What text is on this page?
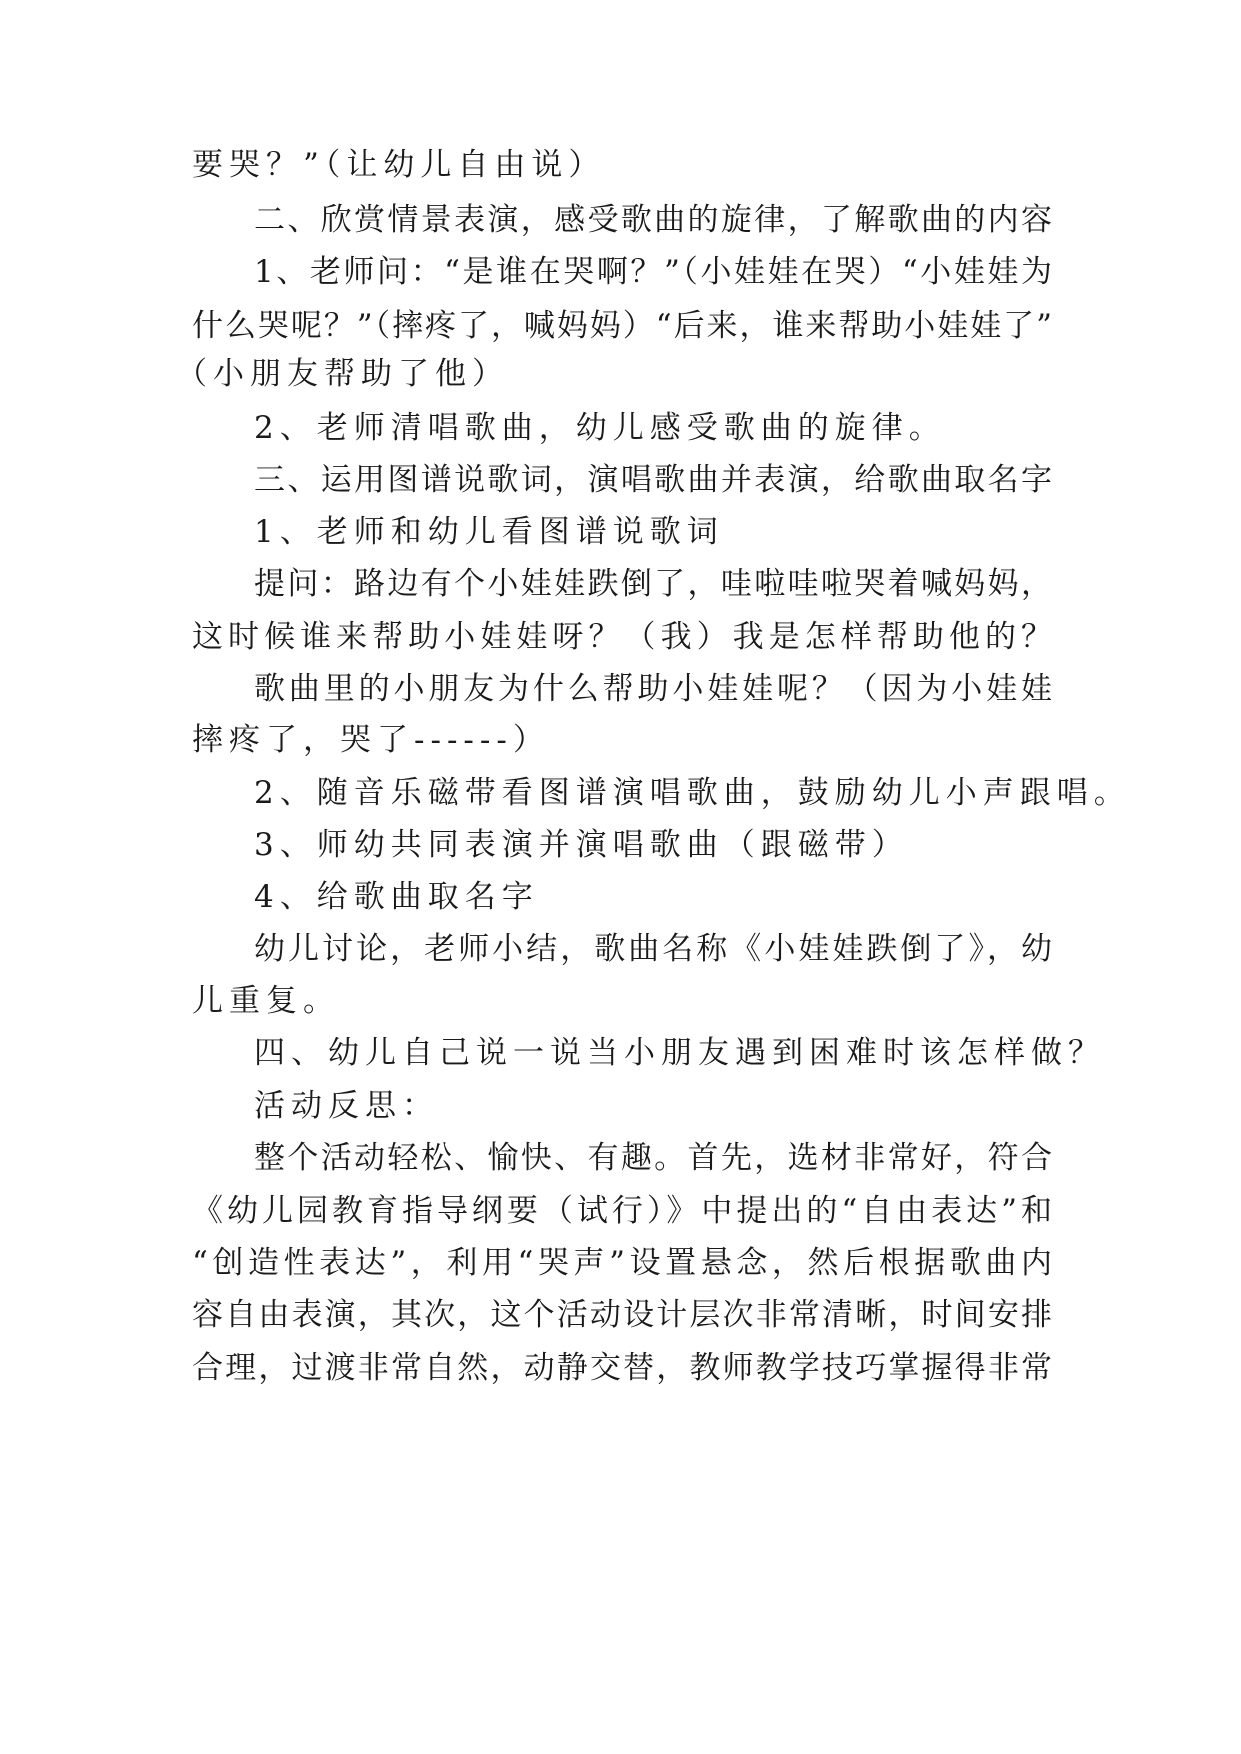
要哭？”（让幼儿自由说）
二、欣赏情景表演，感受歌曲的旋律，了解歌曲的内容
1、老师问：“是谁在哭啊？”（小娃娃在哭）“小娃娃为
什么哭呢？”（摔疼了，喊妈妈）“后来，谁来帮助小娃娃了”
（小朋友帮助了他）
2、老师清唱歌曲，幼儿感受歌曲的旋律。
三、运用图谱说歌词，演唱歌曲并表演，给歌曲取名字
1、老师和幼儿看图谱说歌词
提问：路边有个小娃娃跌倒了，哇啦哇啦哭着喊妈妈，
这时候谁来帮助小娃娃呀？（我）我是怎样帮助他的？
歌曲里的小朋友为什么帮助小娃娃呢？（因为小娃娃
摔疼了，哭了------）
2、随音乐磁带看图谱演唱歌曲，鼓励幼儿小声跟唱。
3、师幼共同表演并演唱歌曲（跟磁带）
4、给歌曲取名字
幼儿讨论，老师小结，歌曲名称《小娃娃跌倒了》，幼
儿重复。
四、幼儿自己说一说当小朋友遇到困难时该怎样做？
活动反思：
整个活动轻松、愉快、有趣。首先，选材非常好，符合
《幼儿园教育指导纲要（试行）》中提出的“自由表达”和
“创造性表达”，利用“哭声”设置悬念，然后根据歌曲内
容自由表演，其次，这个活动设计层次非常清晰，时间安排
合理，过渡非常自然，动静交替，教师教学技巧掌握得非常
